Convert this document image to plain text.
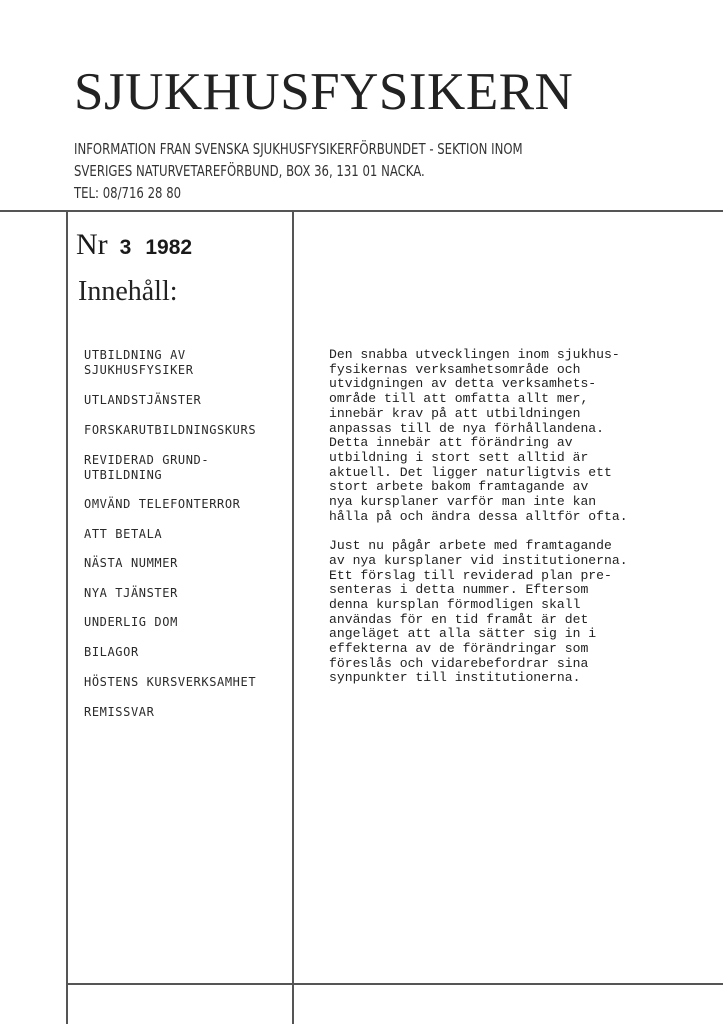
SJUKHUSFYSIKERN
INFORMATION FRAN SVENSKA SJUKHUSFYSIKERFÖRBUNDET - SEKTION INOM
SVERIGES NATURVETAREFÖRBUND, BOX 36, 131 01 NACKA.
TEL: 08/716 28 80
Nr 3 1982
Innehåll:
UTBILDNING AV
SJUKHUSFYSIKER
UTLANDSTJÄNSTER
FORSKARUTBILDNINGSKURS
REVIDERAD GRUND-
UTBILDNING
OMVÄND TELEFONTERROR
ATT BETALA
NÄSTA NUMMER
NYA TJÄNSTER
UNDERLIG DOM
BILAGOR
HÖSTENS KURSVERKSAMHET
REMISSVAR

Den snabba utvecklingen inom sjukhus-
fysikernas verksamhetsområde och
utvidgningen av detta verksamhets-
område till att omfatta allt mer,
innebär krav på att utbildningen
anpassas till de nya förhållandena.
Detta innebär att förändring av
utbildning i stort sett alltid är
aktuell. Det ligger naturligtvis ett
stort arbete bakom framtagande av
nya kursplaner varför man inte kan
hålla på och ändra dessa alltför ofta.

Just nu pågår arbete med framtagande
av nya kursplaner vid institutionerna.
Ett förslag till reviderad plan pre-
senteras i detta nummer. Eftersom
denna kursplan förmodligen skall
användas för en tid framåt är det
angeläget att alla sätter sig in i
effekterna av de förändringar som
föreslås och vidarebefordrar sina
synpunkter till institutionerna.
